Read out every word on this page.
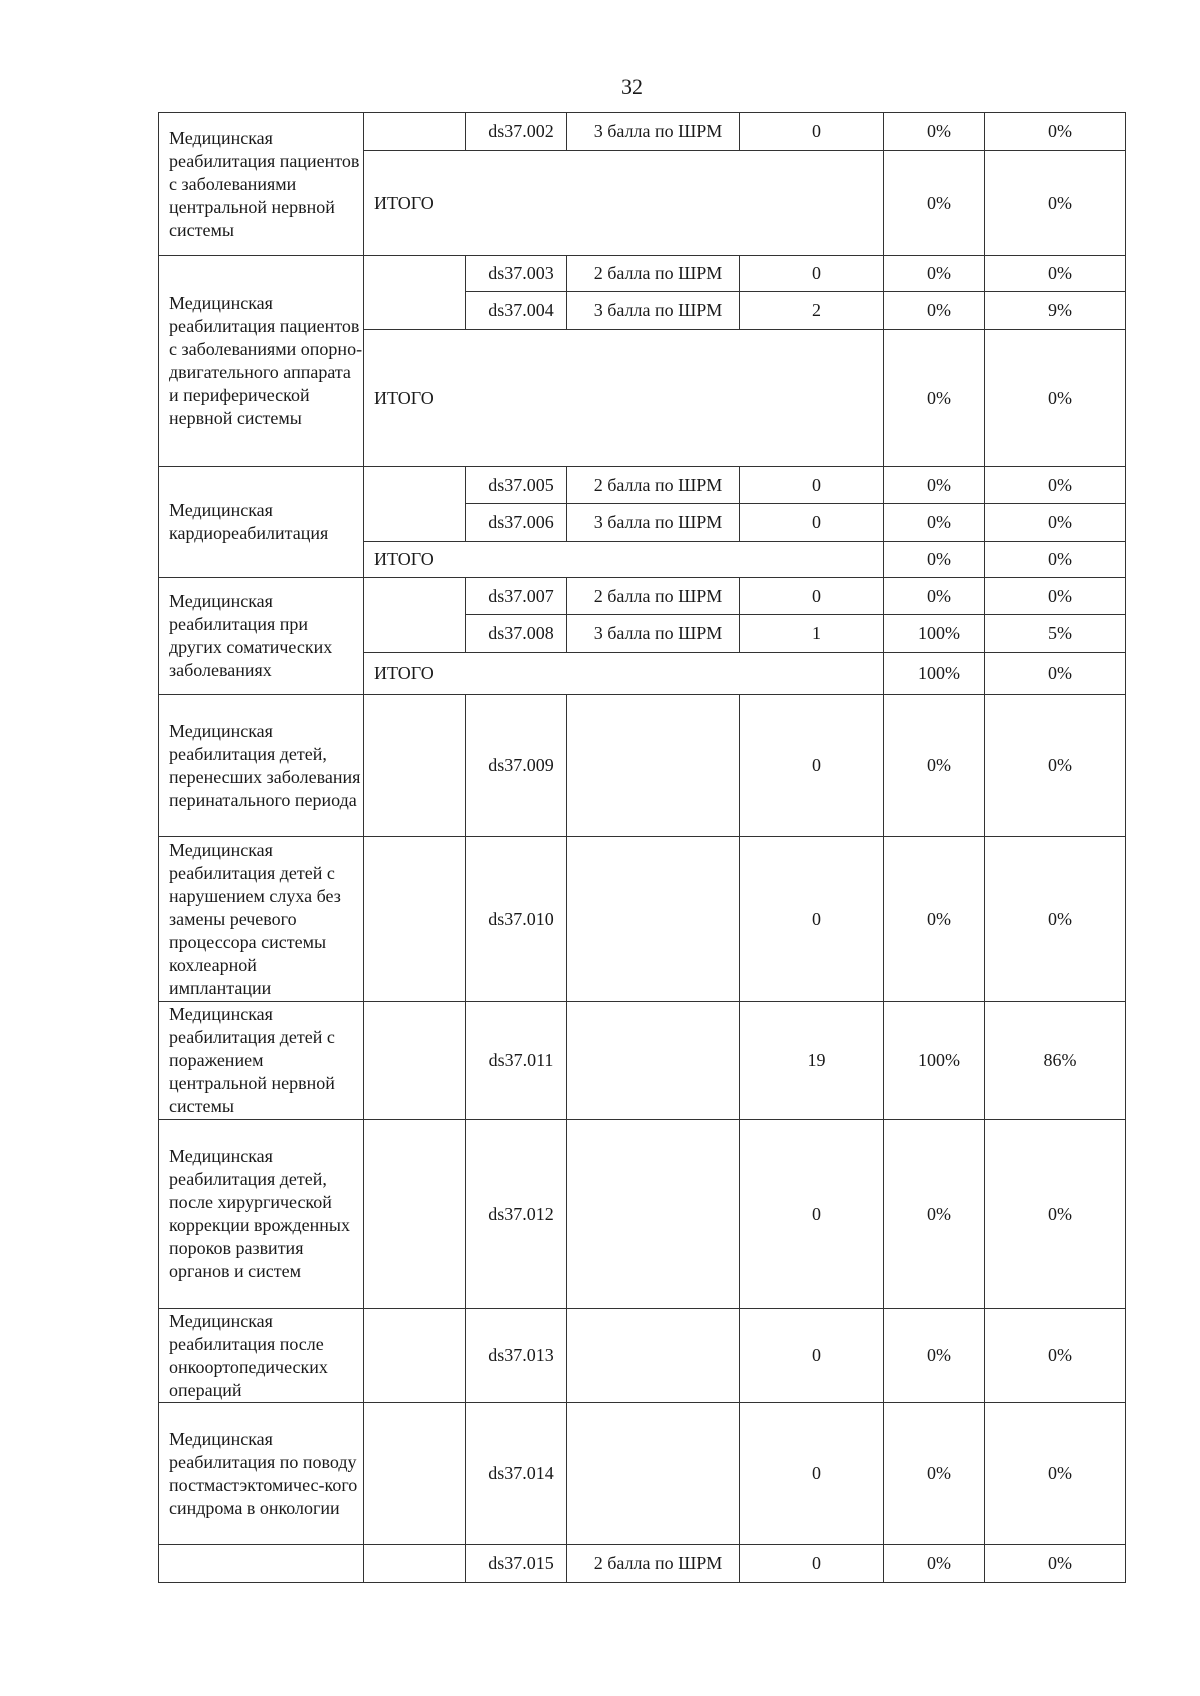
32
Медицинская реабилитация пациентов с заболеваниями центральной нервной системы		ds37.002	3 балла по ШРМ	0	0%	0%
	ИТОГО				0%	0%
Медицинская реабилитация пациентов с заболеваниями опорно-двигательного аппарата и периферической нервной системы		ds37.003	2 балла по ШРМ	0	0%	0%
		ds37.004	3 балла по ШРМ	2	0%	9%
	ИТОГО				0%	0%
Медицинская кардиореабилитация		ds37.005	2 балла по ШРМ	0	0%	0%
		ds37.006	3 балла по ШРМ	0	0%	0%
	ИТОГО				0%	0%
Медицинская реабилитация при других соматических заболеваниях		ds37.007	2 балла по ШРМ	0	0%	0%
		ds37.008	3 балла по ШРМ	1	100%	5%
	ИТОГО				100%	0%
Медицинская реабилитация детей, перенесших заболевания перинатального периода		ds37.009		0	0%	0%
Медицинская реабилитация детей с нарушением слуха без замены речевого процессора системы кохлеарной имплантации		ds37.010		0	0%	0%
Медицинская реабилитация детей с поражением центральной нервной системы		ds37.011		19	100%	86%
Медицинская реабилитация детей, после хирургической коррекции врожденных пороков развития органов и систем		ds37.012		0	0%	0%
Медицинская реабилитация после онкоортопедических операций		ds37.013		0	0%	0%
Медицинская реабилитация по поводу постмастэктомичес-кого синдрома в онкологии		ds37.014		0	0%	0%
		ds37.015	2 балла по ШРМ	0	0%	0%
